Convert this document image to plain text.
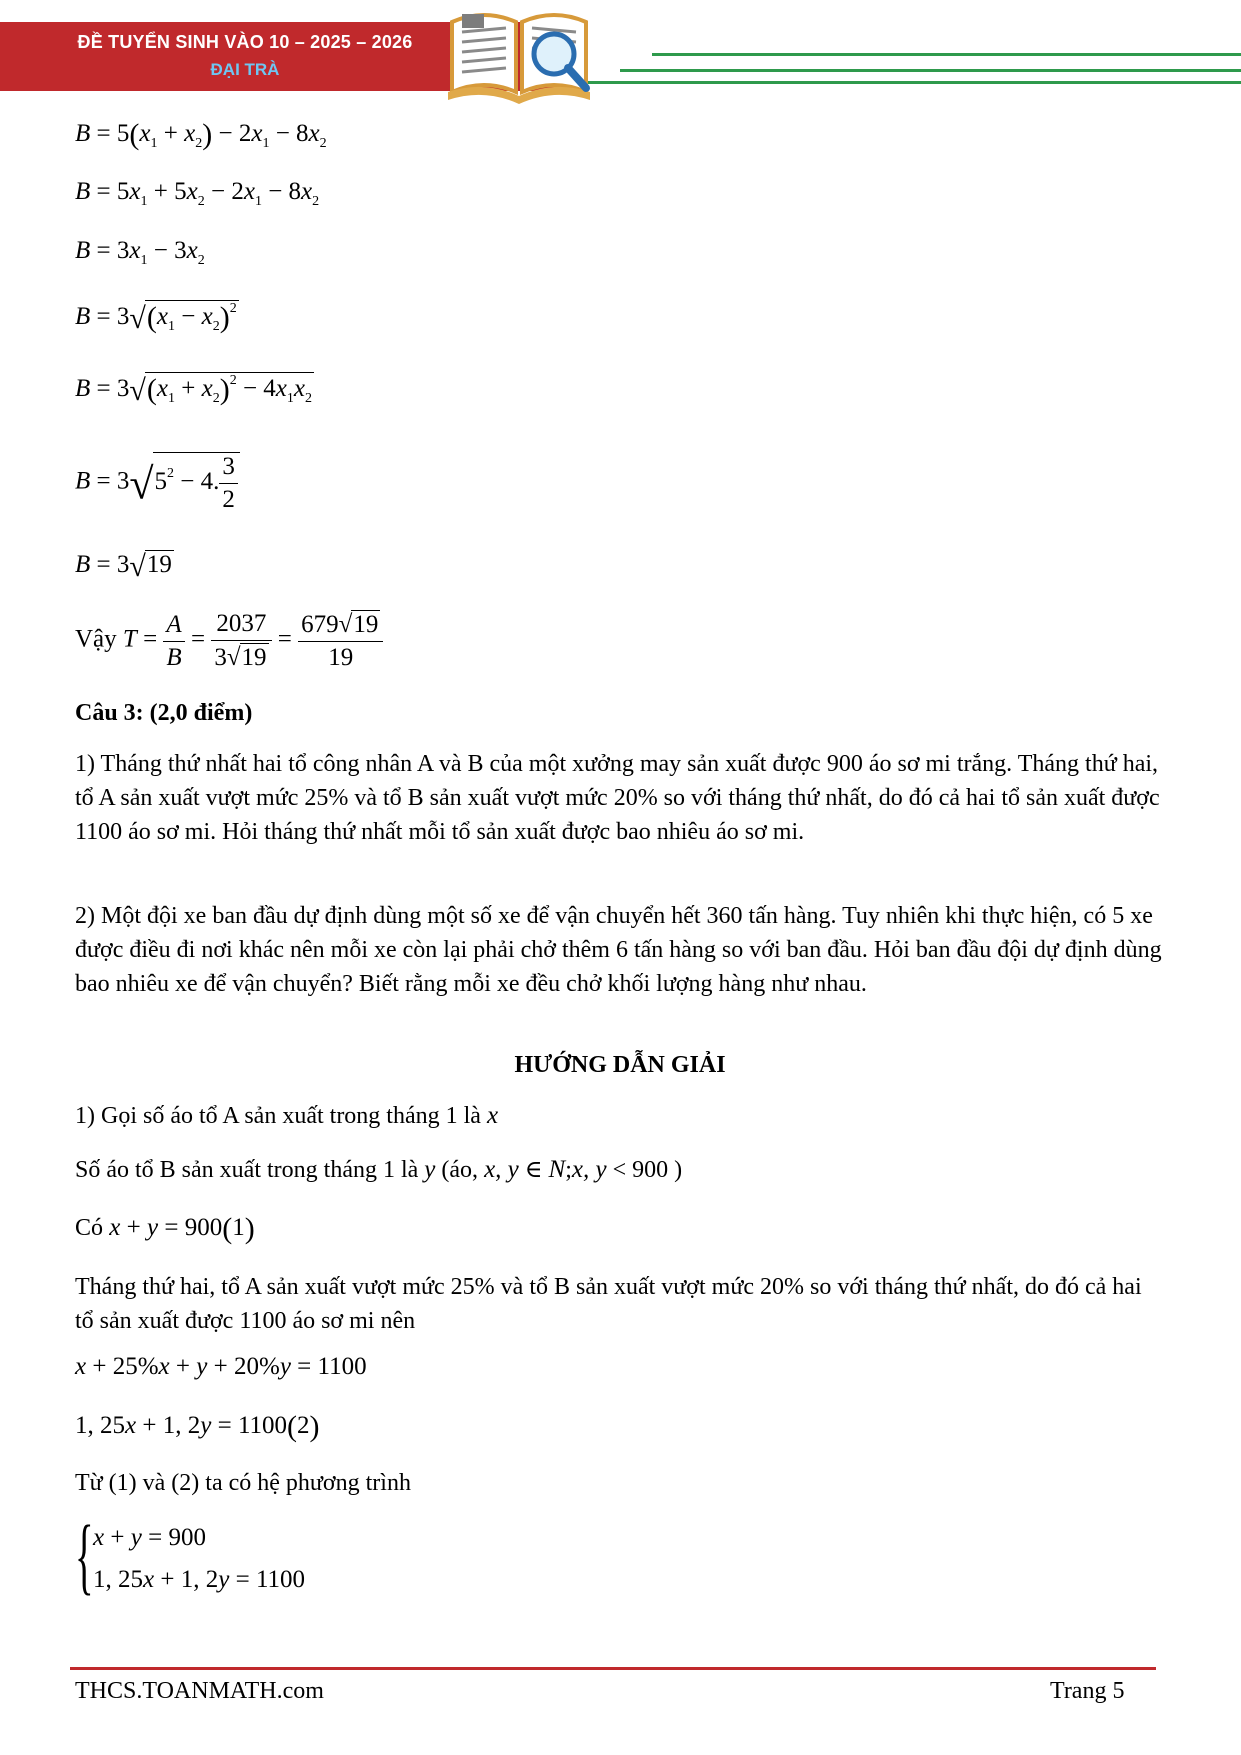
ĐỀ TUYỂN SINH VÀO 10 – 2025 – 2026
ĐẠI TRÀ
$B = 5(x_1 + x_2) - 2x_1 - 8x_2$
$B = 5x_1 + 5x_2 - 2x_1 - 8x_2$
$B = 3x_1 - 3x_2$
$B = 3√(x_1 - x_2)^2$
$B = 3√(x_1 + x_2)^2 - 4x_1x_2$
$B = 3√5^2 - 4$. $\frac{3}{2}$
B = 3√19
Vậy $T = \frac{A}{B} = \frac{2037}{3√19} = \frac{679√19}{19}$
Câu 3: (2,0 điểm)

1) Tháng thứ nhất hai tổ công nhân A và B của một xưởng may sản xuất được 900 áo sơ mi trắng. Tháng thứ hai, tổ A sản xuất vượt mức 25% và tổ B sản xuất vượt mức 20% so với tháng thứ nhất, do đó cả hai tổ sản xuất được 1100 áo sơ mi. Hỏi tháng thứ nhất mỗi tổ sản xuất được bao nhiêu áo sơ mi.

2) Một đội xe ban đầu dự định dùng một số xe để vận chuyển hết 360 tấn hàng. Tuy nhiên khi thực hiện, có 5 xe được điều đi nơi khác nên mỗi xe còn lại phải chở thêm 6 tấn hàng so với ban đầu. Hỏi ban đầu đội dự định dùng bao nhiêu xe để vận chuyển? Biết rằng mỗi xe đều chở khối lượng hàng như nhau.

HƯỚNG DẪN GIẢI
1) Gọi số áo tổ A sản xuất trong tháng 1 là x
Số áo tổ B sản xuất trong tháng 1 là y (áo, x, y ∈ N;x, y < 900 )
Có x + y = 900(1)

Tháng thứ hai, tổ A sản xuất vượt mức 25% và tổ B sản xuất vượt mức 20% so với tháng thứ nhất, do đó cả hai tổ sản xuất được 1100 áo sơ mi nên

x + 25%x + y + 20%y = 1100
1, 25x + 1, 2y = 1100(2)
Từ (1) và (2) ta có hệ phương trình
{ x + y = 900
1, 25x + 1, 2y = 1100
THCS.TOANMATH.com	Trang 5
